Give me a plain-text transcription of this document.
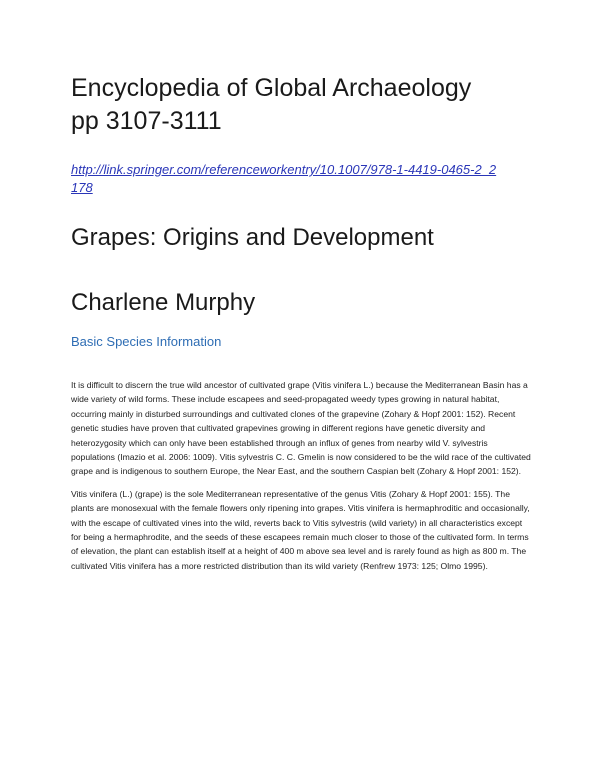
Encyclopedia of Global Archaeology
pp 3107-3111
http://link.springer.com/referenceworkentry/10.1007/978-1-4419-0465-2_2178
Grapes: Origins and Development
Charlene Murphy
Basic Species Information

It is difficult to discern the true wild ancestor of cultivated grape (Vitis vinifera L.) because the Mediterranean Basin has a wide variety of wild forms. These include escapees and seed-propagated weedy types growing in natural habitat, occurring mainly in disturbed surroundings and cultivated clones of the grapevine (Zohary & Hopf 2001: 152). Recent genetic studies have proven that cultivated grapevines growing in different regions have genetic diversity and heterozygosity which can only have been established through an influx of genes from nearby wild V. sylvestris populations (Imazio et al. 2006: 1009). Vitis sylvestris C. C. Gmelin is now considered to be the wild race of the cultivated grape and is indigenous to southern Europe, the Near East, and the southern Caspian belt (Zohary & Hopf 2001: 152).

Vitis vinifera (L.) (grape) is the sole Mediterranean representative of the genus Vitis (Zohary & Hopf 2001: 155). The plants are monosexual with the female flowers only ripening into grapes. Vitis vinifera is hermaphroditic and occasionally, with the escape of cultivated vines into the wild, reverts back to Vitis sylvestris (wild variety) in all characteristics except for being a hermaphrodite, and the seeds of these escapees remain much closer to those of the cultivated form. In terms of elevation, the plant can establish itself at a height of 400 m above sea level and is rarely found as high as 800 m. The cultivated Vitis vinifera has a more restricted distribution than its wild variety (Renfrew 1973: 125; Olmo 1995).
